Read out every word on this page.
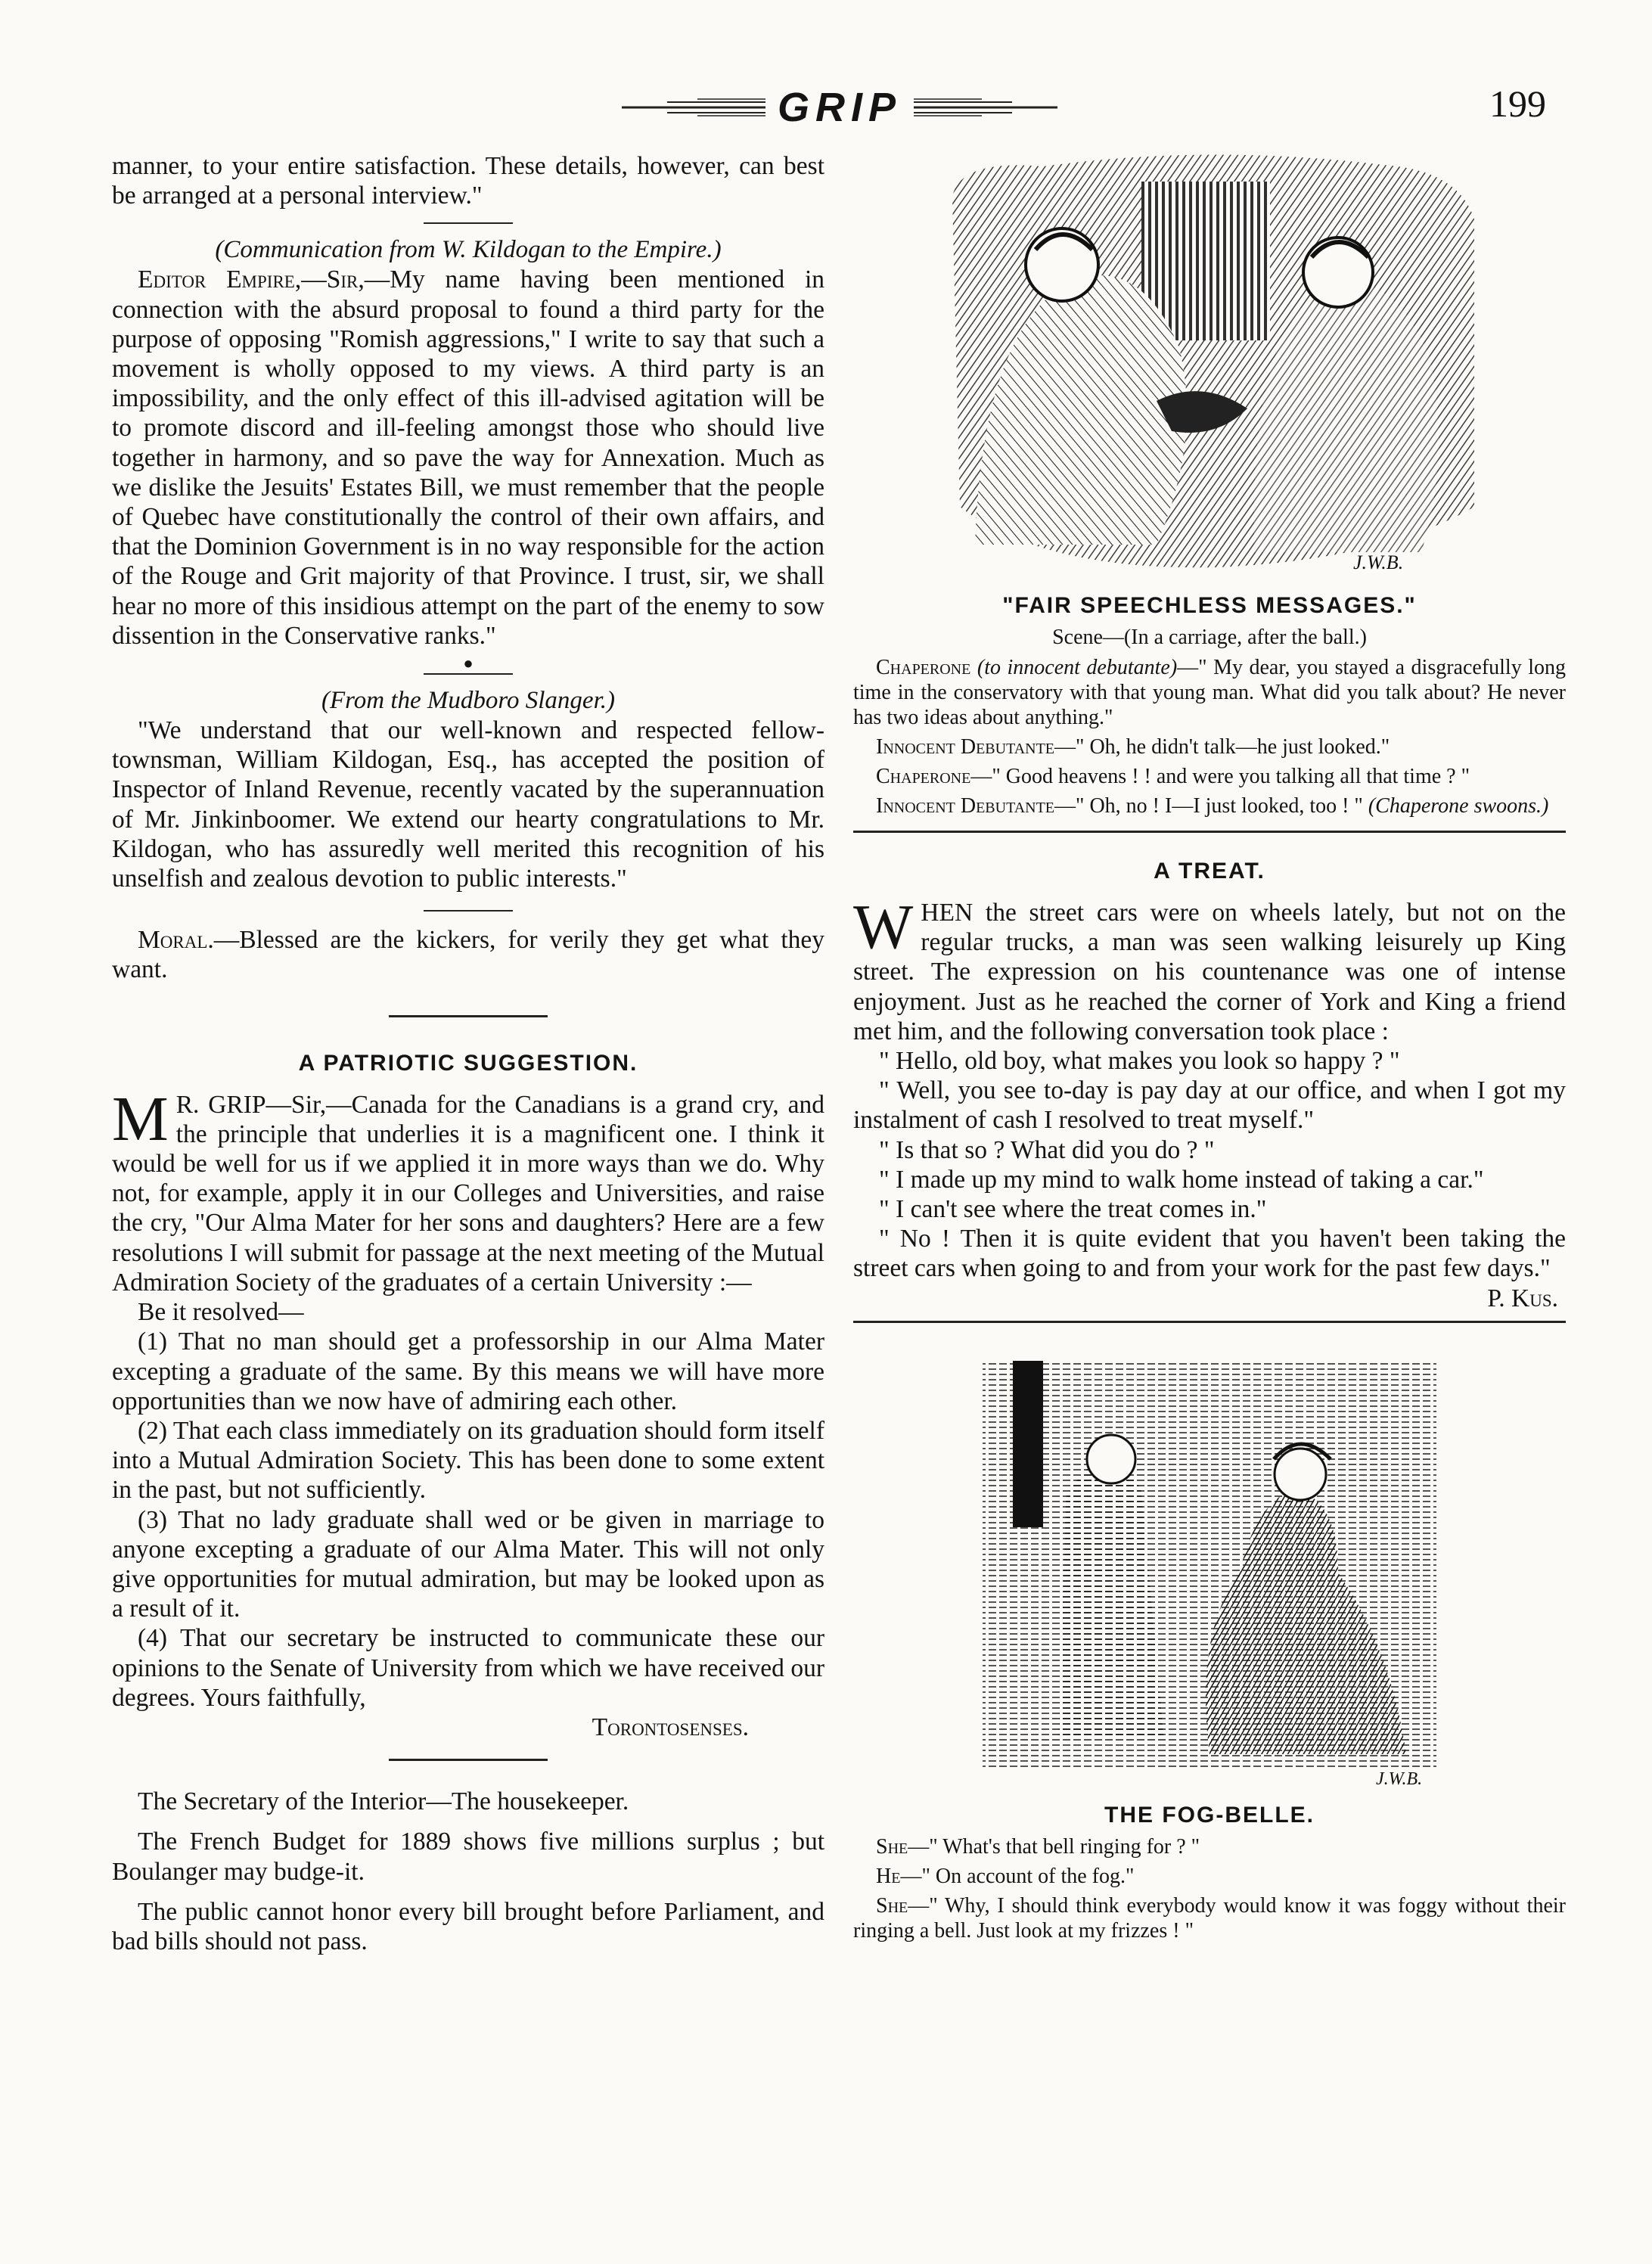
GRIP	199

manner, to your entire satisfaction. These details, however, can best be arranged at a personal interview."

(Communication from W. Kildogan to the Empire.)

Editor Empire,—Sir,—My name having been mentioned in connection with the absurd proposal to found a third party for the purpose of opposing "Romish aggressions," I write to say that such a movement is wholly opposed to my views. A third party is an impossibility, and the only effect of this ill-advised agitation will be to promote discord and ill-feeling amongst those who should live together in harmony, and so pave the way for Annexation. Much as we dislike the Jesuits' Estates Bill, we must remember that the people of Quebec have constitutionally the control of their own affairs, and that the Dominion Government is in no way responsible for the action of the Rouge and Grit majority of that Province. I trust, sir, we shall hear no more of this insidious attempt on the part of the enemy to sow dissention in the Conservative ranks."

●

(From the Mudboro Slanger.)

"We understand that our well-known and respected fellow-townsman, William Kildogan, Esq., has accepted the position of Inspector of Inland Revenue, recently vacated by the superannuation of Mr. Jinkinboomer. We extend our hearty congratulations to Mr. Kildogan, who has assuredly well merited this recognition of his unselfish and zealous devotion to public interests."

Moral.—Blessed are the kickers, for verily they get what they want.

A PATRIOTIC SUGGESTION.

M R. GRIP—Sir,—Canada for the Canadians is a grand cry, and the principle that underlies it is a magnificent one. I think it would be well for us if we applied it in more ways than we do. Why not, for example, apply it in our Colleges and Universities, and raise the cry, "Our Alma Mater for her sons and daughters? Here are a few resolutions I will submit for passage at the next meeting of the Mutual Admiration Society of the graduates of a certain University :—

Be it resolved—

(1) That no man should get a professorship in our Alma Mater excepting a graduate of the same. By this means we will have more opportunities than we now have of admiring each other.

(2) That each class immediately on its graduation should form itself into a Mutual Admiration Society. This has been done to some extent in the past, but not sufficiently.

(3) That no lady graduate shall wed or be given in marriage to anyone excepting a graduate of our Alma Mater. This will not only give opportunities for mutual admiration, but may be looked upon as a result of it.

(4) That our secretary be instructed to communicate these our opinions to the Senate of University from which we have received our degrees. Yours faithfully,

Torontosenses.

The Secretary of the Interior—The housekeeper.

The French Budget for 1889 shows five millions surplus ; but Boulanger may budge-it.

The public cannot honor every bill brought before Parliament, and bad bills should not pass.

J.W.B.
"FAIR SPEECHLESS MESSAGES."
Scene—(In a carriage, after the ball.)

Chaperone (to innocent debutante)—" My dear, you stayed a disgracefully long time in the conservatory with that young man. What did you talk about? He never has two ideas about anything."

Innocent Debutante—" Oh, he didn't talk—he just looked."

Chaperone—" Good heavens ! ! and were you talking all that time ? "

Innocent Debutante—" Oh, no ! I—I just looked, too ! " (Chaperone swoons.)

A TREAT.

WHEN the street cars were on wheels lately, but not on the regular trucks, a man was seen walking leisurely up King street. The expression on his countenance was one of intense enjoyment. Just as he reached the corner of York and King a friend met him, and the following conversation took place :

" Hello, old boy, what makes you look so happy ? "

" Well, you see to-day is pay day at our office, and when I got my instalment of cash I resolved to treat myself."

" Is that so ? What did you do ? "

" I made up my mind to walk home instead of taking a car."

" I can't see where the treat comes in."

" No ! Then it is quite evident that you haven't been taking the street cars when going to and from your work for the past few days."

P. Kus.

J.W.B.
THE FOG-BELLE.

She—" What's that bell ringing for ? "

He—" On account of the fog."

She—" Why, I should think everybody would know it was foggy without their ringing a bell. Just look at my frizzes ! "
